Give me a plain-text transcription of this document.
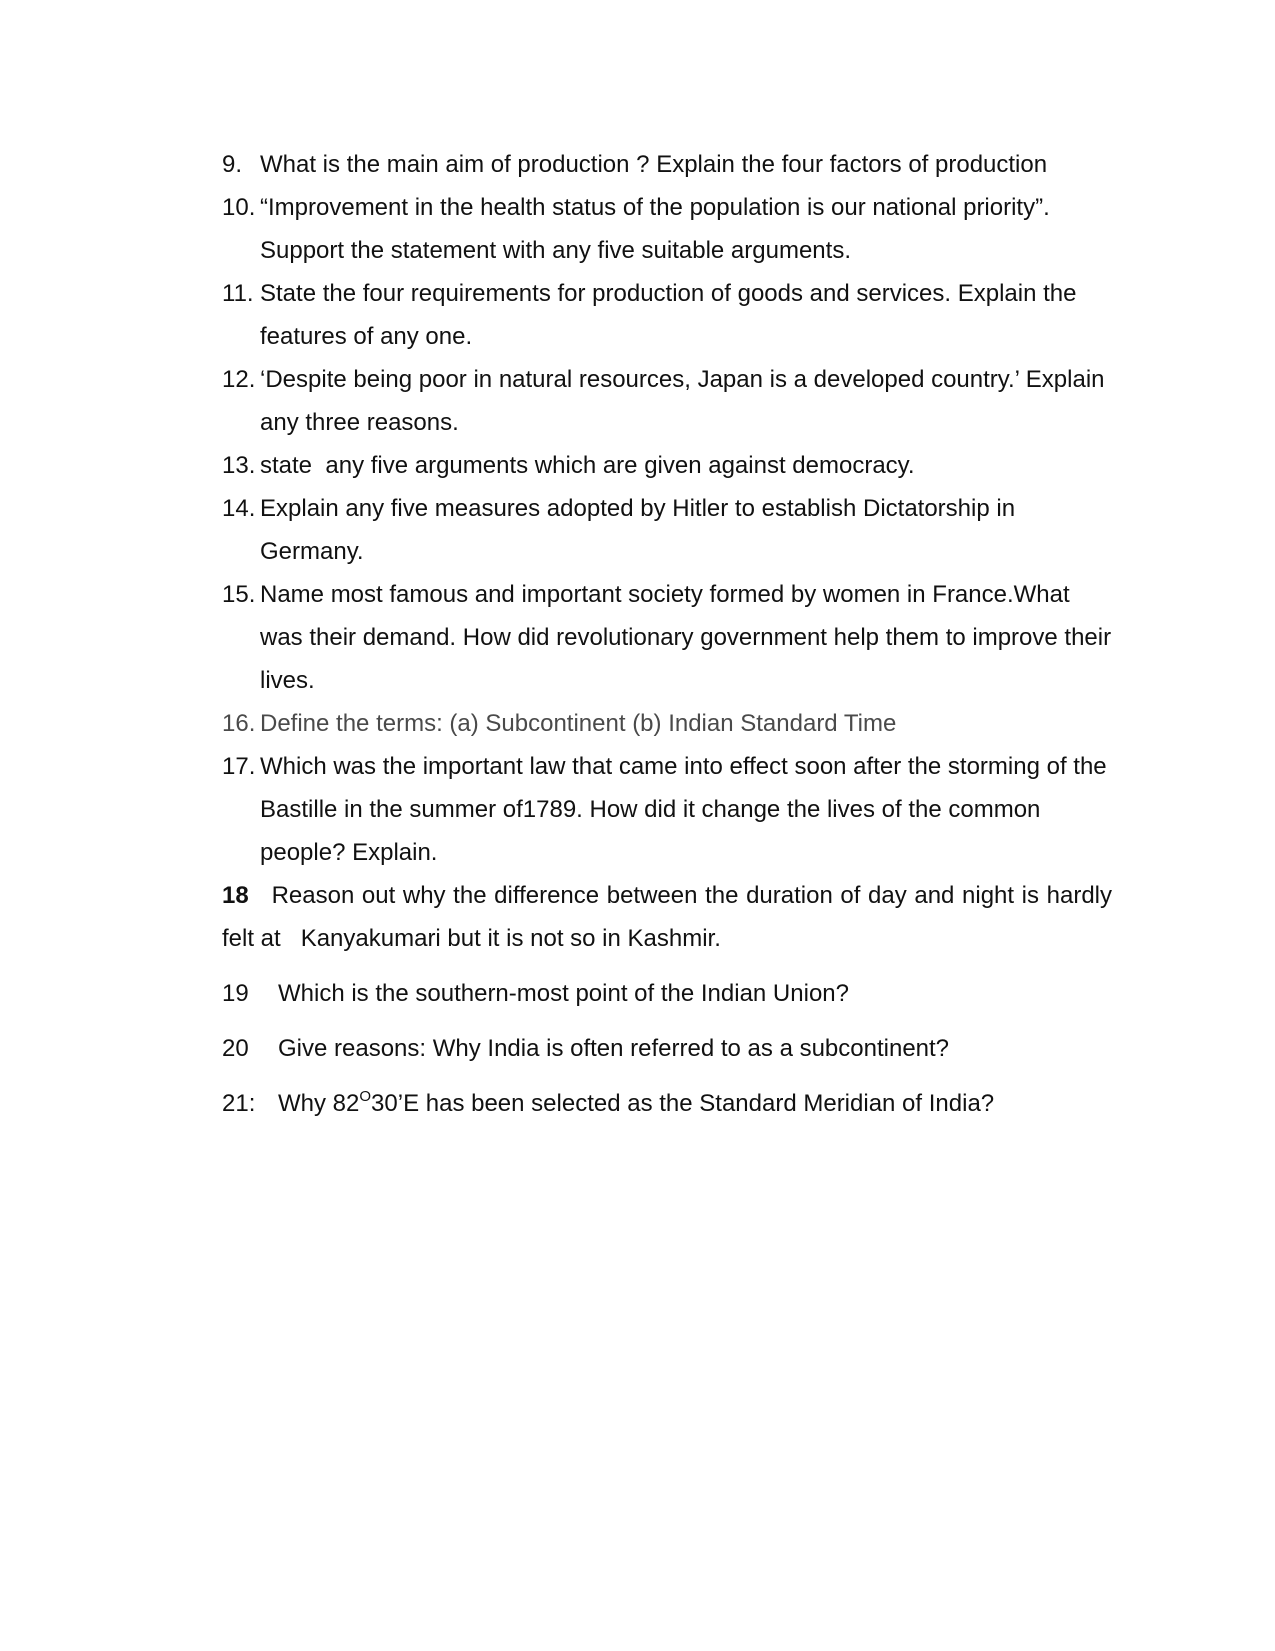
9. What is the main aim of production ? Explain the four factors of production
10. “Improvement in the health status of the population is our national priority”. Support the statement with any five suitable arguments.
11. State the four requirements for production of goods and services. Explain the features of any one.
12. ‘Despite being poor in natural resources, Japan is a developed country.’ Explain any three reasons.
13. state  any five arguments which are given against democracy.
14. Explain any five measures adopted by Hitler to establish Dictatorship in Germany.
15. Name most famous and important society formed by women in France.What was their demand. How did revolutionary government help them to improve their lives.
16. Define the terms: (a) Subcontinent (b) Indian Standard Time
17. Which was the important law that came into effect soon after the storming of the Bastille in the summer of1789. How did it change the lives of the common people? Explain.
18 Reason out why the difference between the duration of day and night is hardly  felt at   Kanyakumari but it is not so in Kashmir.
19 Which is the southern-most point of the Indian Union?
20 Give reasons: Why India is often referred to as a subcontinent?
21: Why $82^O30’E$ has been selected as the Standard Meridian of India?
